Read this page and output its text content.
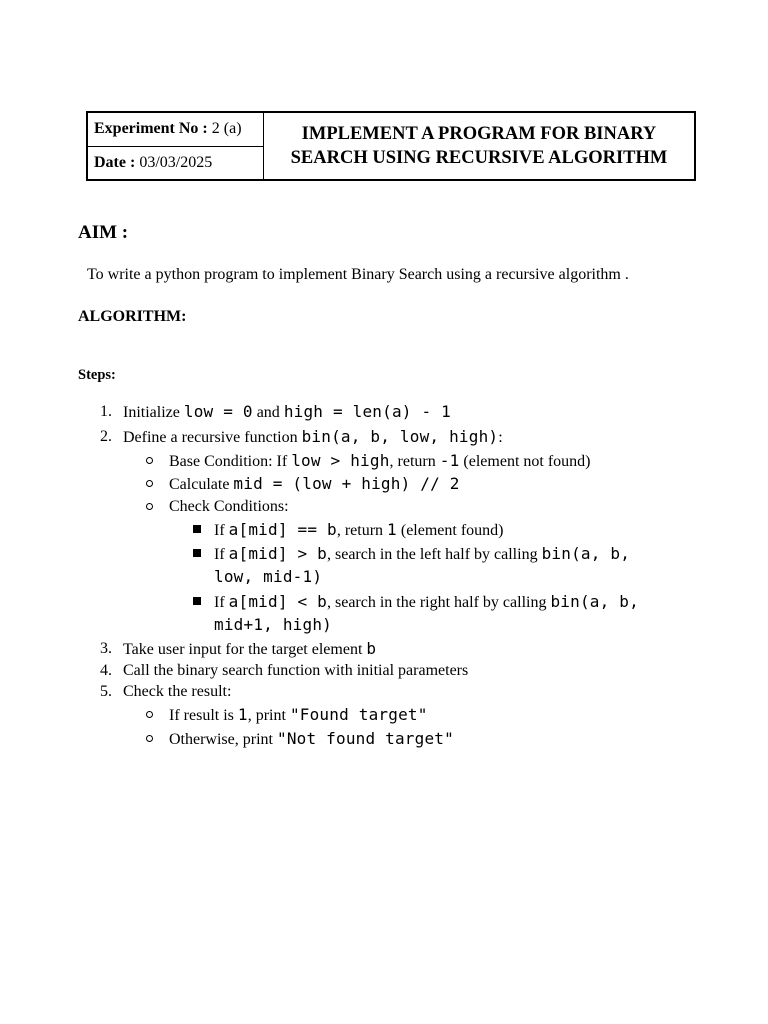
Experiment No :
2 (a)
Date :
03/03/2025
IMPLEMENT A PROGRAM FOR BINARY
SEARCH USING RECURSIVE ALGORITHM
AIM :
To write a python program to implement Binary Search using a recursive algorithm .
ALGORITHM:
Steps:
1. Initialize low = 0 and high = len(a) - 1
2. Define a recursive function bin(a, b, low, high):
Base Condition: If low > high, return -1 (element not found)
Calculate mid = (low + high) // 2
Check Conditions:
If a[mid] == b, return 1 (element found)
If a[mid] > b, search in the left half by calling bin(a, b,
low, mid-1)
If a[mid] < b, search in the right half by calling bin(a, b,
mid+1, high)
3. Take user input for the target element b
4. Call the binary search function with initial parameters
5. Check the result:
If result is 1, print "Found target"
Otherwise, print "Not found target"
